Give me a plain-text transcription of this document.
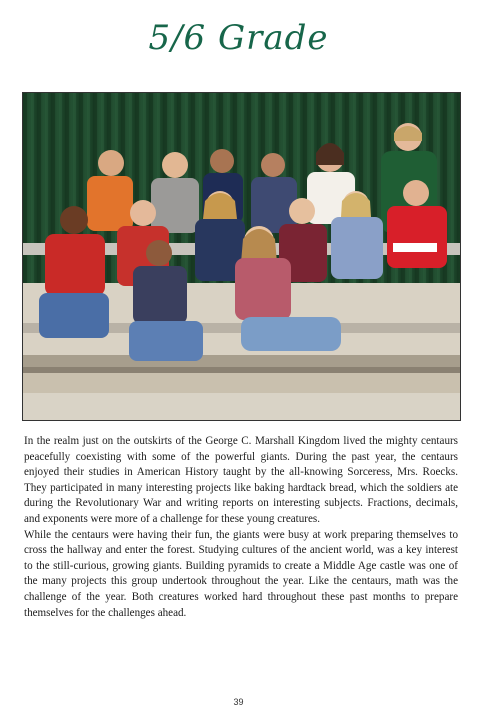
5/6 Grade

In the realm just on the outskirts of the George C. Marshall Kingdom lived the mighty centaurs peacefully coexisting with some of the powerful giants. During the past year, the centaurs enjoyed their studies in American History taught by the all-knowing Sorceress, Mrs. Roecks. They participated in many interesting projects like baking hardtack bread, which the soldiers ate during the Revolutionary War and writing reports on interesting subjects. Fractions, decimals, and exponents were more of a challenge for these young creatures.

While the centaurs were having their fun, the giants were busy at work preparing themselves to cross the hallway and enter the forest. Studying cultures of the ancient world, was a key interest to the still-curious, growing giants. Building pyramids to create a Middle Age castle was one of the many projects this group undertook throughout the year. Like the centaurs, math was the challenge of the year. Both creatures worked hard throughout these past months to prepare themselves for the challenges ahead.

39
